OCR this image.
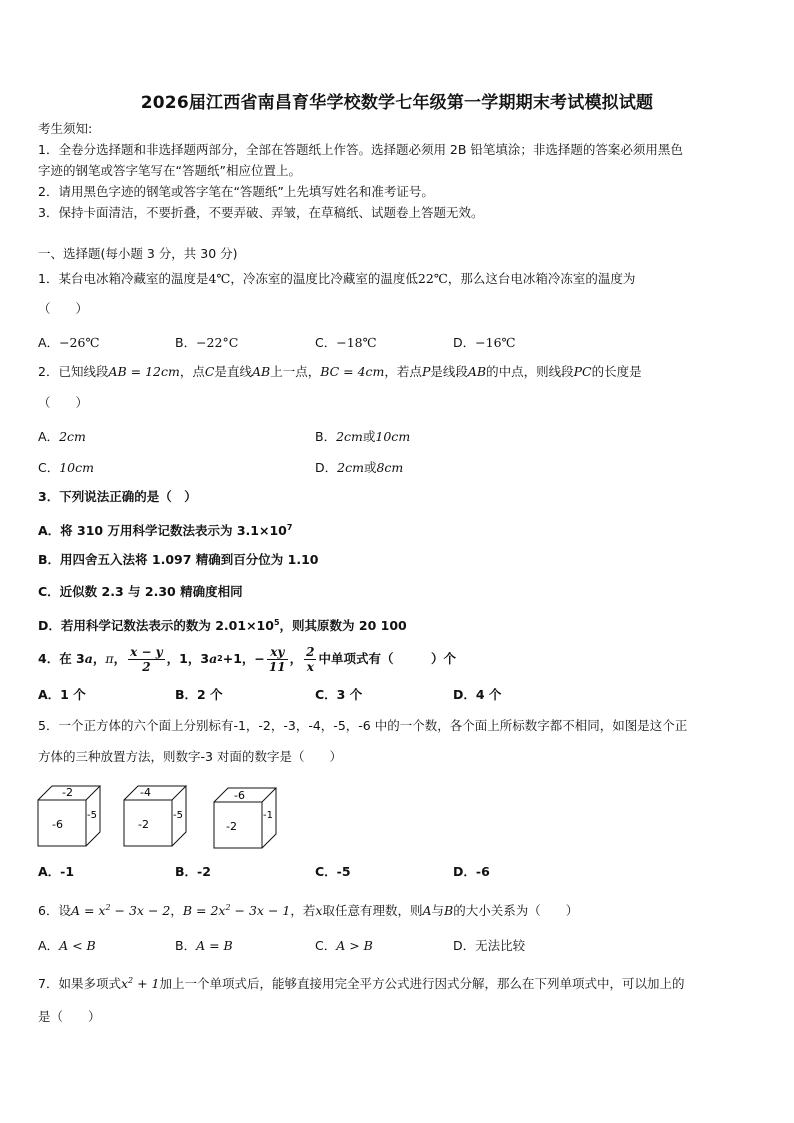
2026届江西省南昌育华学校数学七年级第一学期期末考试模拟试题
考生须知:
1．全卷分选择题和非选择题两部分，全部在答题纸上作答。选择题必须用 2B 铅笔填涂；非选择题的答案必须用黑色
字迹的钢笔或答字笔写在“答题纸”相应位置上。
2．请用黑色字迹的钢笔或答字笔在“答题纸”上先填写姓名和准考证号。
3．保持卡面清洁，不要折叠，不要弄破、弄皱，在草稿纸、试题卷上答题无效。
一、选择题(每小题 3 分，共 30 分)
1．某台电冰箱冷藏室的温度是4℃，冷冻室的温度比冷藏室的温度低22℃，那么这台电冰箱冷冻室的温度为
（　　）
A．−26℃	B．−22°C	C．−18℃	D．−16℃
2．已知线段AB = 12cm，点C是直线AB上一点，BC = 4cm，若点P是线段AB的中点，则线段PC的长度是
（　　）
A．2cm	B．2cm或10cm
C．10cm	D．2cm或8cm
3．下列说法正确的是（　）
A．将 310 万用科学记数法表示为 $3.1\times 10^7$
B．用四舍五入法将 1.097 精确到百分位为 1.10
C．近似数 2.3 与 2.30 精确度相同
D．若用科学记数法表示的数为 $2.01\times 10^5$，则其原数为 20 100
4．在 3 a ， π ， $\frac{x - y}{2}$ ，1，3 a 2 +1，− $\frac{xy}{11}$ ， $\frac{2}{x}$ 中单项式有（　　　）个
A．1 个	B．2 个	C．3 个	D．4 个
5．一个正方体的六个面上分别标有-1，-2，-3，-4，-5，-6 中的一个数，各个面上所标数字都不相同，如图是这个正
方体的三种放置方法，则数字-3 对面的数字是（　　）
-2
-6
-5
-4
-2
-5
-6
-2
-1
A．-1	B．-2	C．-5	D．-6
6．设$A = x^2 - 3x - 2$，$B = 2x^2 - 3x - 1$，若x取任意有理数，则A与B的大小关系为（　　）
A．A < B	B．A = B	C．A > B	D．无法比较
7．如果多项式$x^2 + 1$加上一个单项式后，能够直接用完全平方公式进行因式分解，那么在下列单项式中，可以加上的
是（　　）
